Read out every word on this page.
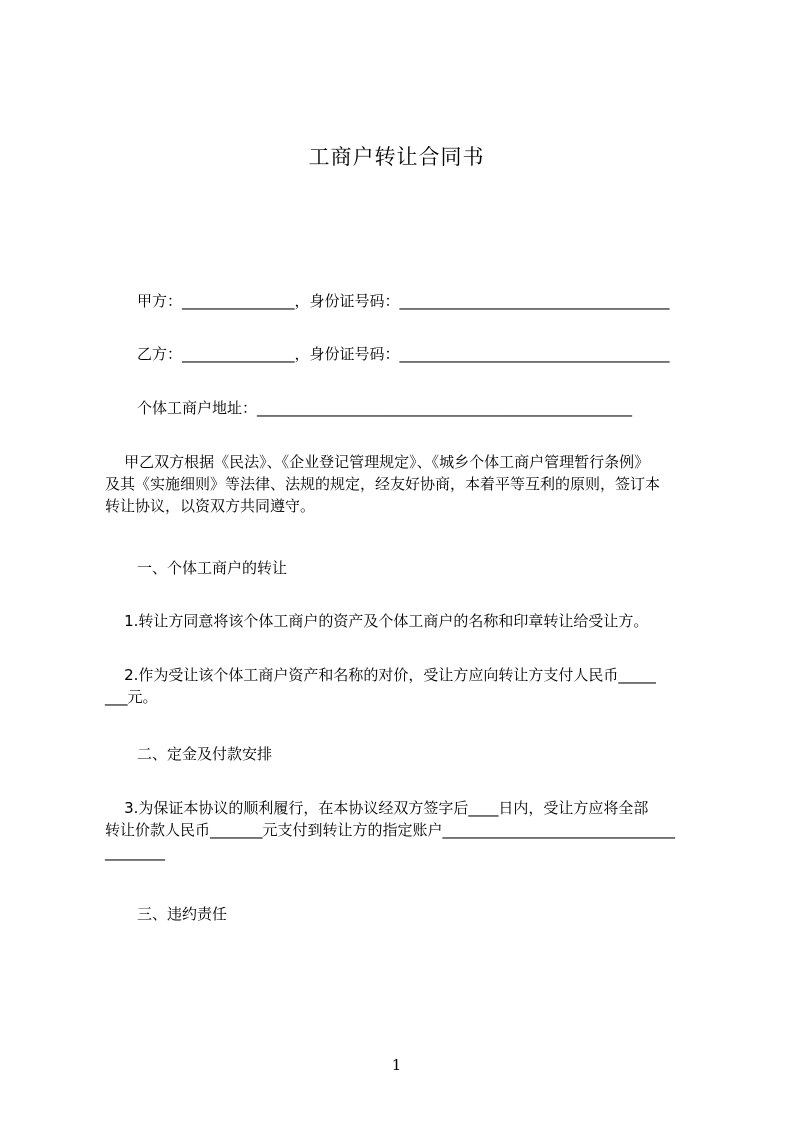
工商户转让合同书
甲方：_______________，身份证号码：____________________________________
乙方：_______________，身份证号码：____________________________________
个体工商户地址：__________________________________________________
甲乙双方根据《民法》、《企业登记管理规定》、《城乡个体工商户管理暂行条例》
及其《实施细则》等法律、法规的规定，经友好协商，本着平等互利的原则，签订本
转让协议，以资双方共同遵守。
一、个体工商户的转让
1.转让方同意将该个体工商户的资产及个体工商户的名称和印章转让给受让方。
2.作为受让该个体工商户资产和名称的对价，受让方应向转让方支付人民币_____
___元。
二、定金及付款安排
3.为保证本协议的顺利履行，在本协议经双方签字后____日内，受让方应将全部
转让价款人民币_______元支付到转让方的指定账户_______________________________
________
三、违约责任
1
